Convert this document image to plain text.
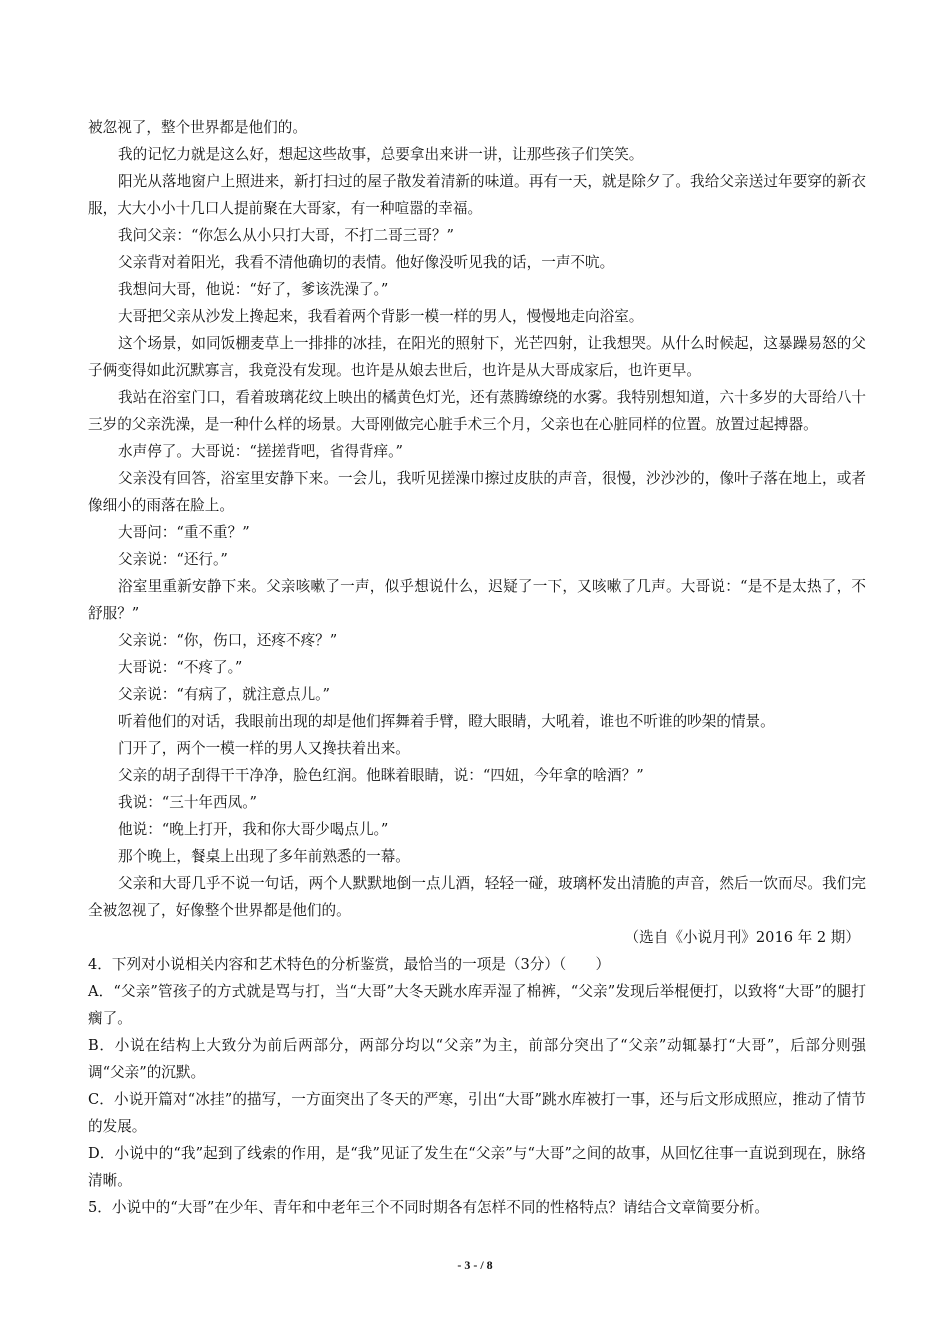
被忽视了，整个世界都是他们的。

我的记忆力就是这么好，想起这些故事，总要拿出来讲一讲，让那些孩子们笑笑。

阳光从落地窗户上照进来，新打扫过的屋子散发着清新的味道。再有一天，就是除夕了。我给父亲送过年要穿的新衣服，大大小小十几口人提前聚在大哥家，有一种喧嚣的幸福。

我问父亲：“你怎么从小只打大哥，不打二哥三哥？”

父亲背对着阳光，我看不清他确切的表情。他好像没听见我的话，一声不吭。

我想问大哥，他说：“好了，爹该洗澡了。”

大哥把父亲从沙发上搀起来，我看着两个背影一模一样的男人，慢慢地走向浴室。

这个场景，如同饭棚麦草上一排排的冰挂，在阳光的照射下，光芒四射，让我想哭。从什么时候起，这暴躁易怒的父子俩变得如此沉默寡言，我竟没有发现。也许是从娘去世后，也许是从大哥成家后，也许更早。

我站在浴室门口，看着玻璃花纹上映出的橘黄色灯光，还有蒸腾缭绕的水雾。我特别想知道，六十多岁的大哥给八十三岁的父亲洗澡，是一种什么样的场景。大哥刚做完心脏手术三个月，父亲也在心脏同样的位置。放置过起搏器。

水声停了。大哥说：“搓搓背吧，省得背痒。”

父亲没有回答，浴室里安静下来。一会儿，我听见搓澡巾擦过皮肤的声音，很慢，沙沙沙的，像叶子落在地上，或者像细小的雨落在脸上。

大哥问：“重不重？”

父亲说：“还行。”

浴室里重新安静下来。父亲咳嗽了一声，似乎想说什么，迟疑了一下，又咳嗽了几声。大哥说：“是不是太热了，不舒服？”

父亲说：“你，伤口，还疼不疼？”

大哥说：“不疼了。”

父亲说：“有病了，就注意点儿。”

听着他们的对话，我眼前出现的却是他们挥舞着手臂，瞪大眼睛，大吼着，谁也不听谁的吵架的情景。

门开了，两个一模一样的男人又搀扶着出来。

父亲的胡子刮得干干净净，脸色红润。他眯着眼睛，说：“四妞，今年拿的啥酒？”

我说：“三十年西凤。”

他说：“晚上打开，我和你大哥少喝点儿。”

那个晚上，餐桌上出现了多年前熟悉的一幕。

父亲和大哥几乎不说一句话，两个人默默地倒一点儿酒，轻轻一碰，玻璃杯发出清脆的声音，然后一饮而尽。我们完全被忽视了，好像整个世界都是他们的。

（选自《小说月刊》2016 年 2 期）

4．下列对小说相关内容和艺术特色的分析鉴赏，最恰当的一项是（3分）（　　）

A．“父亲”管孩子的方式就是骂与打，当“大哥”大冬天跳水库弄湿了棉裤，“父亲”发现后举棍便打，以致将“大哥”的腿打瘸了。

B．小说在结构上大致分为前后两部分，两部分均以“父亲”为主，前部分突出了“父亲”动辄暴打“大哥”，后部分则强调“父亲”的沉默。

C．小说开篇对“冰挂”的描写，一方面突出了冬天的严寒，引出“大哥”跳水库被打一事，还与后文形成照应，推动了情节的发展。

D．小说中的“我”起到了线索的作用，是“我”见证了发生在“父亲”与“大哥”之间的故事，从回忆往事一直说到现在，脉络清晰。

5．小说中的“大哥”在少年、青年和中老年三个不同时期各有怎样不同的性格特点？请结合文章简要分析。

- 3 - / 8
